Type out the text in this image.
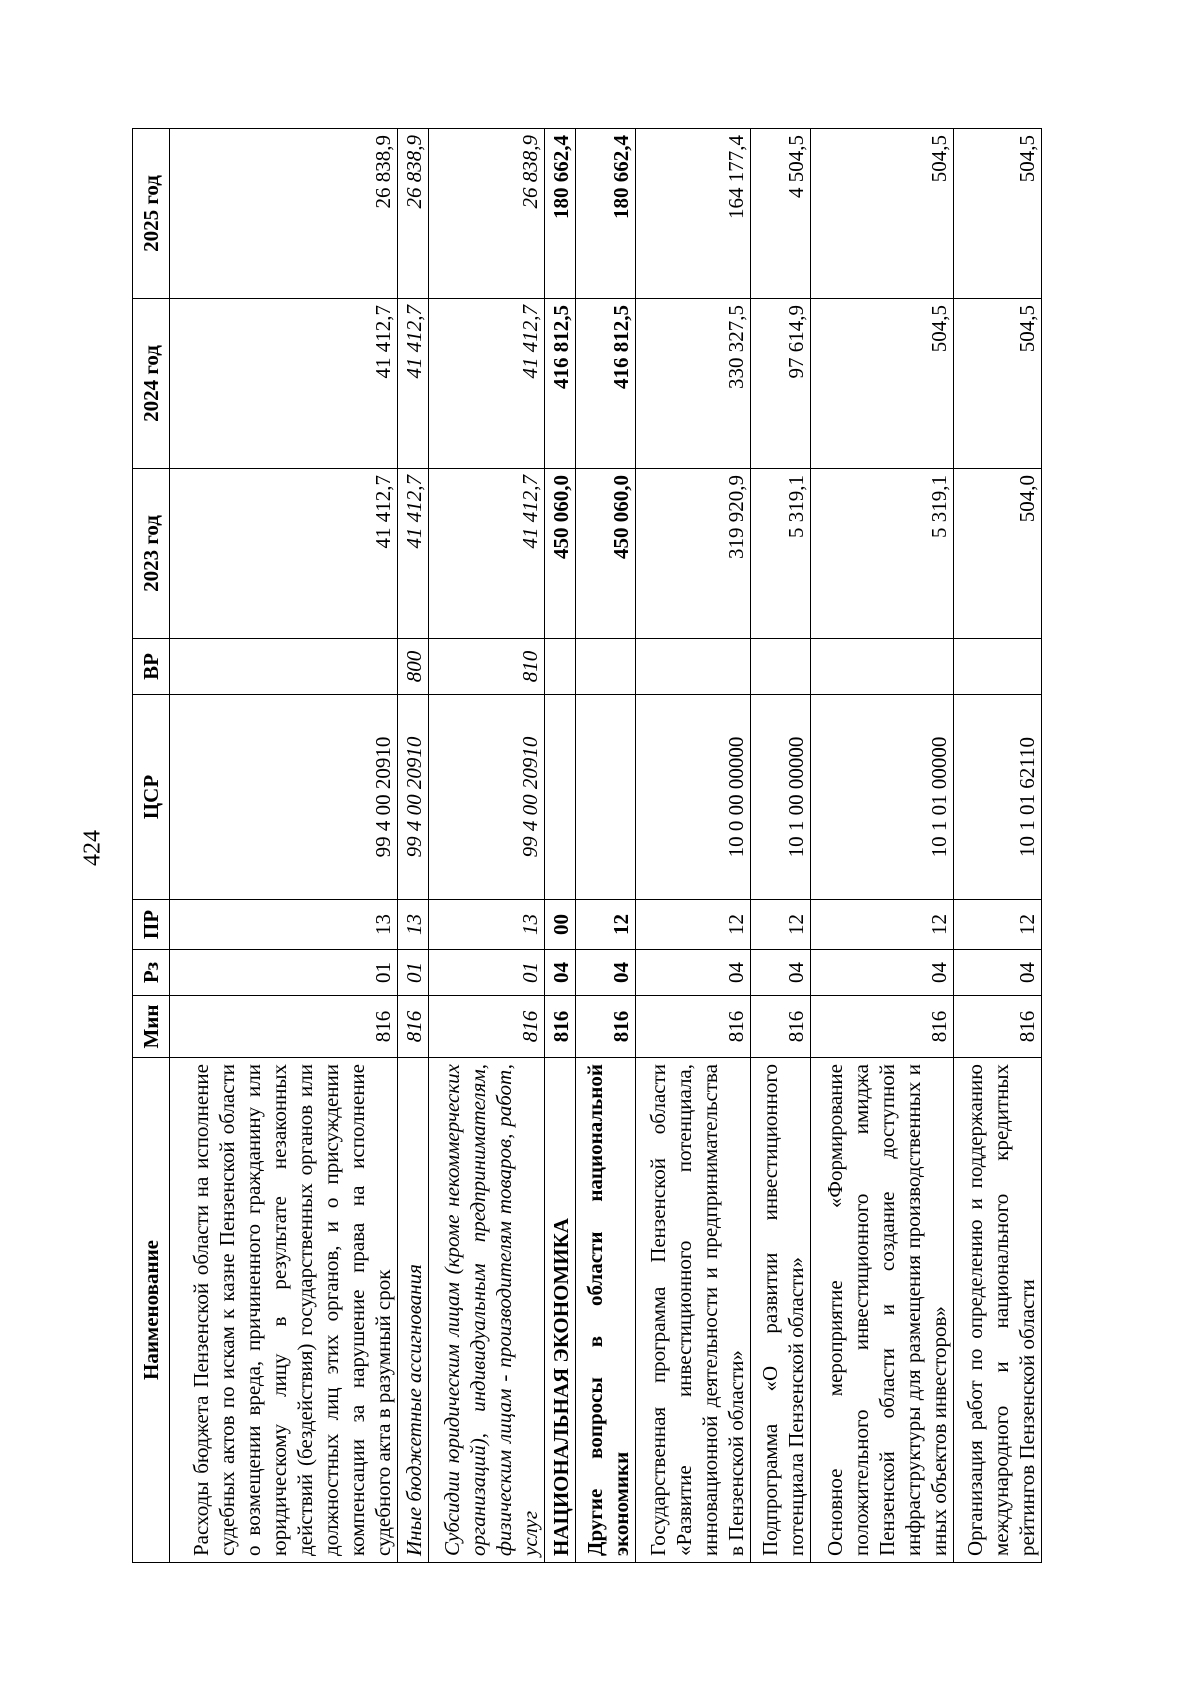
424
Наименование	Мин	Рз	ПР	ЦСР	ВР	2023 год	2024 год	2025 год
Расходы бюджета Пензенской области на исполнение судебных актов по искам к казне Пензенской области о возмещении вреда, причиненного гражданину или юридическому лицу в результате незаконных действий (бездействия) государственных органов или должностных лиц этих органов, и о присуждении компенсации за нарушение права на исполнение судебного акта в разумный срок	816	01	13	99 4 00 20910		41 412,7	41 412,7	26 838,9
Иные бюджетные ассигнования	816	01	13	99 4 00 20910	800	41 412,7	41 412,7	26 838,9
Субсидии юридическим лицам (кроме некоммерческих организаций), индивидуальным предпринимателям, физическим лицам - производителям товаров, работ, услуг	816	01	13	99 4 00 20910	810	41 412,7	41 412,7	26 838,9
НАЦИОНАЛЬНАЯ ЭКОНОМИКА	816	04	00			450 060,0	416 812,5	180 662,4
Другие вопросы в области национальной экономики	816	04	12			450 060,0	416 812,5	180 662,4
Государственная программа Пензенской области «Развитие инвестиционного потенциала, инновационной деятельности и предпринимательства в Пензенской области»	816	04	12	10 0 00 00000		319 920,9	330 327,5	164 177,4
Подпрограмма «О развитии инвестиционного потенциала Пензенской области»	816	04	12	10 1 00 00000		5 319,1	97 614,9	4 504,5
Основное мероприятие «Формирование положительного инвестиционного имиджа Пензенской области и создание доступной инфраструктуры для размещения производственных и иных объектов инвесторов»	816	04	12	10 1 01 00000		5 319,1	504,5	504,5
Организация работ по определению и поддержанию международного и национального кредитных рейтингов Пензенской области	816	04	12	10 1 01 62110		504,0	504,5	504,5
